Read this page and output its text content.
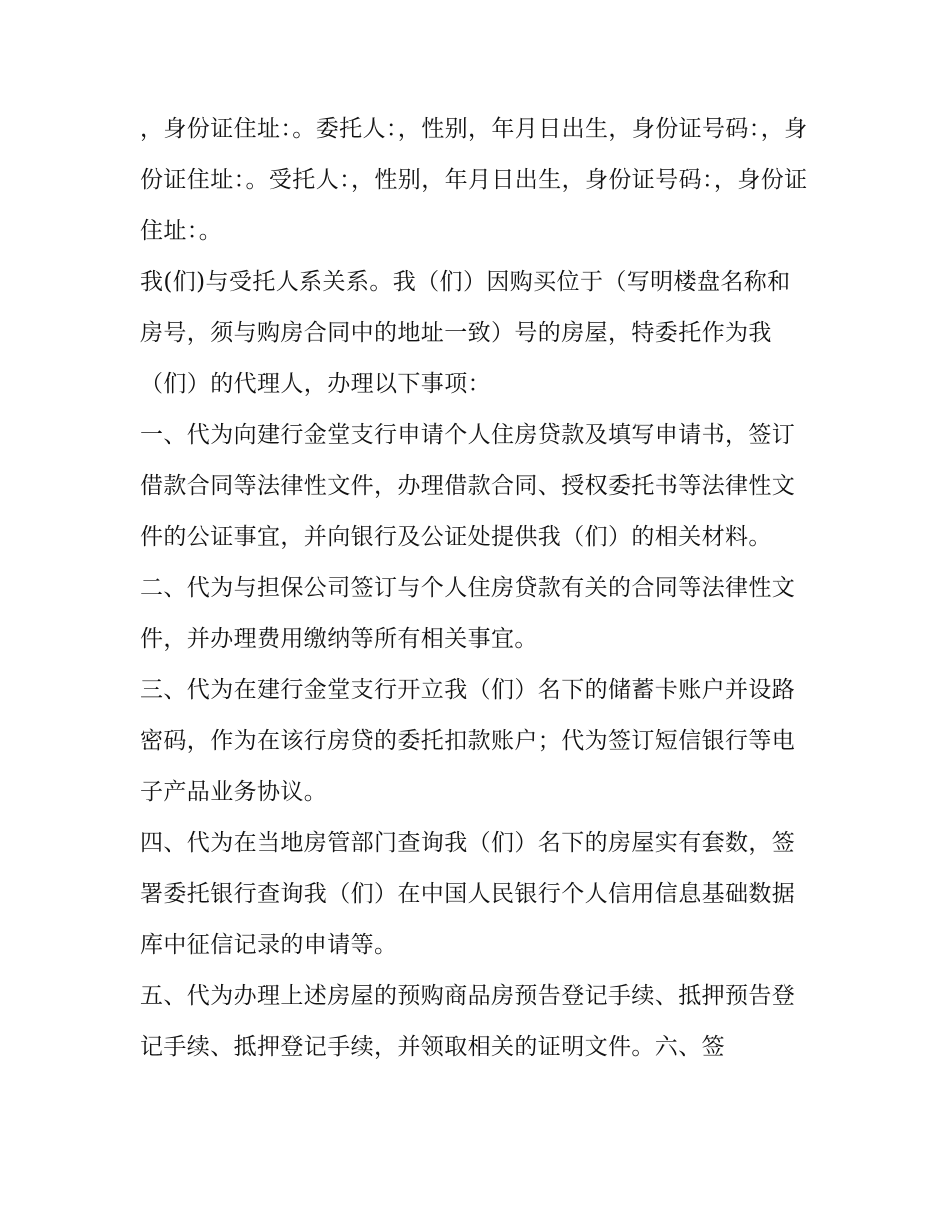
，身份证住址：。委托人：，性别，年月日出生，身份证号码：，身份证住址：。受托人：，性别，年月日出生，身份证号码：，身份证住址：。

我(们)与受托人系关系。我（们）因购买位于（写明楼盘名称和房号，须与购房合同中的地址一致）号的房屋，特委托作为我（们）的代理人，办理以下事项：

一、代为向建行金堂支行申请个人住房贷款及填写申请书，签订借款合同等法律性文件，办理借款合同、授权委托书等法律性文件的公证事宜，并向银行及公证处提供我（们）的相关材料。

二、代为与担保公司签订与个人住房贷款有关的合同等法律性文件，并办理费用缴纳等所有相关事宜。

三、代为在建行金堂支行开立我（们）名下的储蓄卡账户并设路密码，作为在该行房贷的委托扣款账户；代为签订短信银行等电子产品业务协议。

四、代为在当地房管部门查询我（们）名下的房屋实有套数，签署委托银行查询我（们）在中国人民银行个人信用信息基础数据库中征信记录的申请等。

五、代为办理上述房屋的预购商品房预告登记手续、抵押预告登记手续、抵押登记手续，并领取相关的证明文件。六、签
